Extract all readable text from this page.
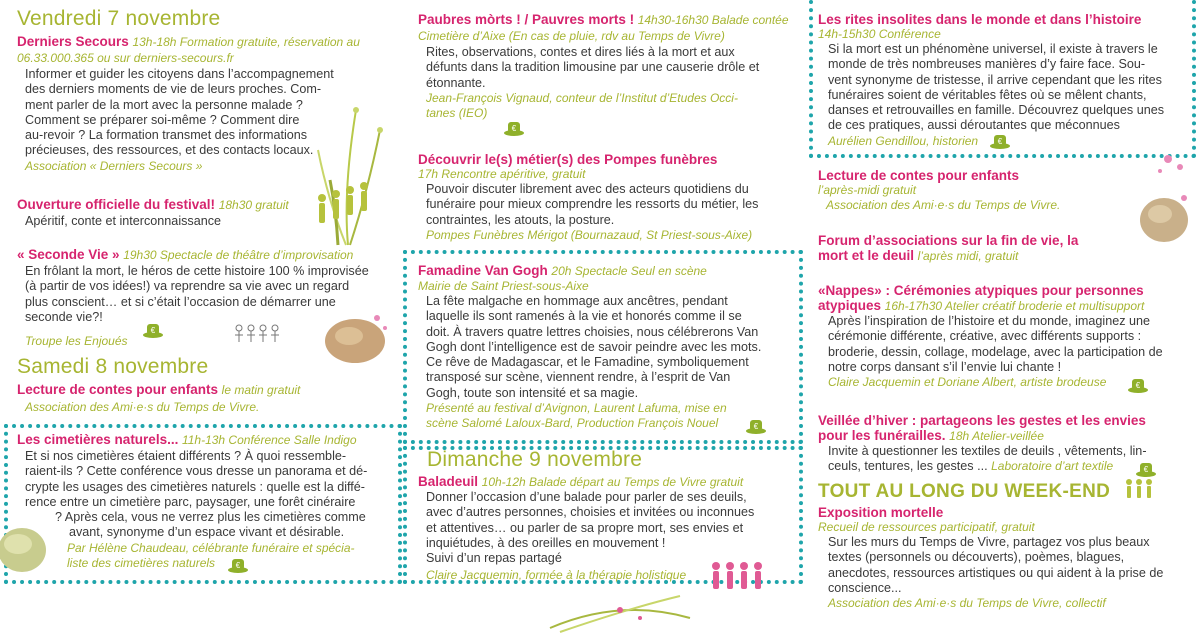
Vendredi 7 novembre
Derniers Secours 13h-18h Formation gratuite, réservation au 06.33.000.365 ou sur derniers-secours.fr
Informer et guider les citoyens dans l’accompagnement
des derniers moments de vie de leurs proches. Com-
ment parler de la mort avec la personne malade ?
Comment se préparer soi-même ? Comment dire
au-revoir ? La formation transmet des informations
précieuses, des ressources, et des contacts locaux.
Association « Derniers Secours »
Ouverture officielle du festival! 18h30 gratuit
Apéritif, conte et interconnaissance
« Seconde Vie » 19h30 Spectacle de théâtre d’improvisation
En frôlant la mort, le héros de cette histoire 100 % improvisée
(à partir de vos idées!) va reprendre sa vie avec un regard
plus conscient… et si c’était l’occasion de démarrer une
seconde vie?!
Troupe les Enjoués
Samedi 8 novembre
Lecture de contes pour enfants le matin gratuit
Association des Ami·e·s du Temps de Vivre.
Les cimetières naturels... 11h-13h Conférence Salle Indigo
Et si nos cimetières étaient différents ? À quoi ressemble-
raient-ils ? Cette conférence vous dresse un panorama et dé-
crypte les usages des cimetières naturels : quelle est la diffé-
rence entre un cimetière parc, paysager, une forêt cinéraire
? Après cela, vous ne verrez plus les cimetières comme
avant, synonyme d’un espace vivant et désirable.
Par Hélène Chaudeau, célébrante funéraire et spécia-
liste des cimetières naturels
Paubres mòrts ! / Pauvres morts ! 14h30-16h30 Balade contée Cimetière d’Aixe (En cas de pluie, rdv au Temps de Vivre)
Rites, observations, contes et dires liés à la mort et aux
défunts dans la tradition limousine par une causerie drôle et
étonnante.
Jean-François Vignaud, conteur de l’Institut d’Etudes Occi-
tanes (IEO)
Découvrir le(s) métier(s) des Pompes funèbres
17h Rencontre apéritive, gratuit
Pouvoir discuter librement avec des acteurs quotidiens du
funéraire pour mieux comprendre les ressorts du métier, les
contraintes, les atouts, la posture.
Pompes Funèbres Mérigot (Bournazaud, St Priest-sous-Aixe)
Famadine Van Gogh 20h Spectacle Seul en scène
Mairie de Saint Priest-sous-Aixe
La fête malgache en hommage aux ancêtres, pendant
laquelle ils sont ramenés à la vie et honorés comme il se
doit. À travers quatre lettres choisies, nous célébrerons Van
Gogh dont l’intelligence est de savoir peindre avec les mots.
Ce rêve de Madagascar, et le Famadine, symboliquement
transposé sur scène, viennent rendre, à l’esprit de Van
Gogh, toute son intensité et sa magie.
Présenté au festival d’Avignon, Laurent Lafuma, mise en
scène Salomé Laloux-Bard, Production François Nouel
Dimanche 9 novembre
Baladeuil 10h-12h Balade départ au Temps de Vivre gratuit
Donner l’occasion d’une balade pour parler de ses deuils,
avec d’autres personnes, choisies et invitées ou inconnues
et attentives… ou parler de sa propre mort, ses envies et
inquiétudes, à des oreilles en mouvement !
Suivi d’un repas partagé
Claire Jacquemin, formée à la thérapie holistique
Les rites insolites dans le monde et dans l’histoire
14h-15h30 Conférence
Si la mort est un phénomène universel, il existe à travers le
monde de très nombreuses manières d’y faire face. Sou-
vent synonyme de tristesse, il arrive cependant que les rites
funéraires soient de véritables fêtes où se mêlent chants,
danses et retrouvailles en famille. Découvrez quelques unes
de ces pratiques, aussi déroutantes que méconnues
Aurélien Gendillou, historien
Lecture de contes pour enfants
l’après-midi gratuit
Association des Ami·e·s du Temps de Vivre.
Forum d’associations sur la fin de vie, la
mort et le deuil l’après midi, gratuit
«Nappes» : Cérémonies atypiques pour personnes
atypiques 16h-17h30 Atelier créatif broderie et multisupport
Après l’inspiration de l’histoire et du monde, imaginez une
cérémonie différente, créative, avec différents supports :
broderie, dessin, collage, modelage, avec la participation de
notre corps dansant s’il l’envie lui chante !
Claire Jacquemin et Doriane Albert, artiste brodeuse
Veillée d’hiver : partageons les gestes et les envies
pour les funérailles. 18h Atelier-veillée
Invite à questionner les textiles de deuils , vêtements, lin-
ceuls, tentures, les gestes ... Laboratoire d’art textile
TOUT AU LONG DU WEEK-END
Exposition mortelle
Recueil de ressources participatif, gratuit
Sur les murs du Temps de Vivre, partagez vos plus beaux
textes (personnels ou découverts), poèmes, blagues,
anecdotes, ressources artistiques ou qui aident à la prise de
conscience...
Association des Ami·e·s du Temps de Vivre, collectif
€
€
€
€
€
€
€
